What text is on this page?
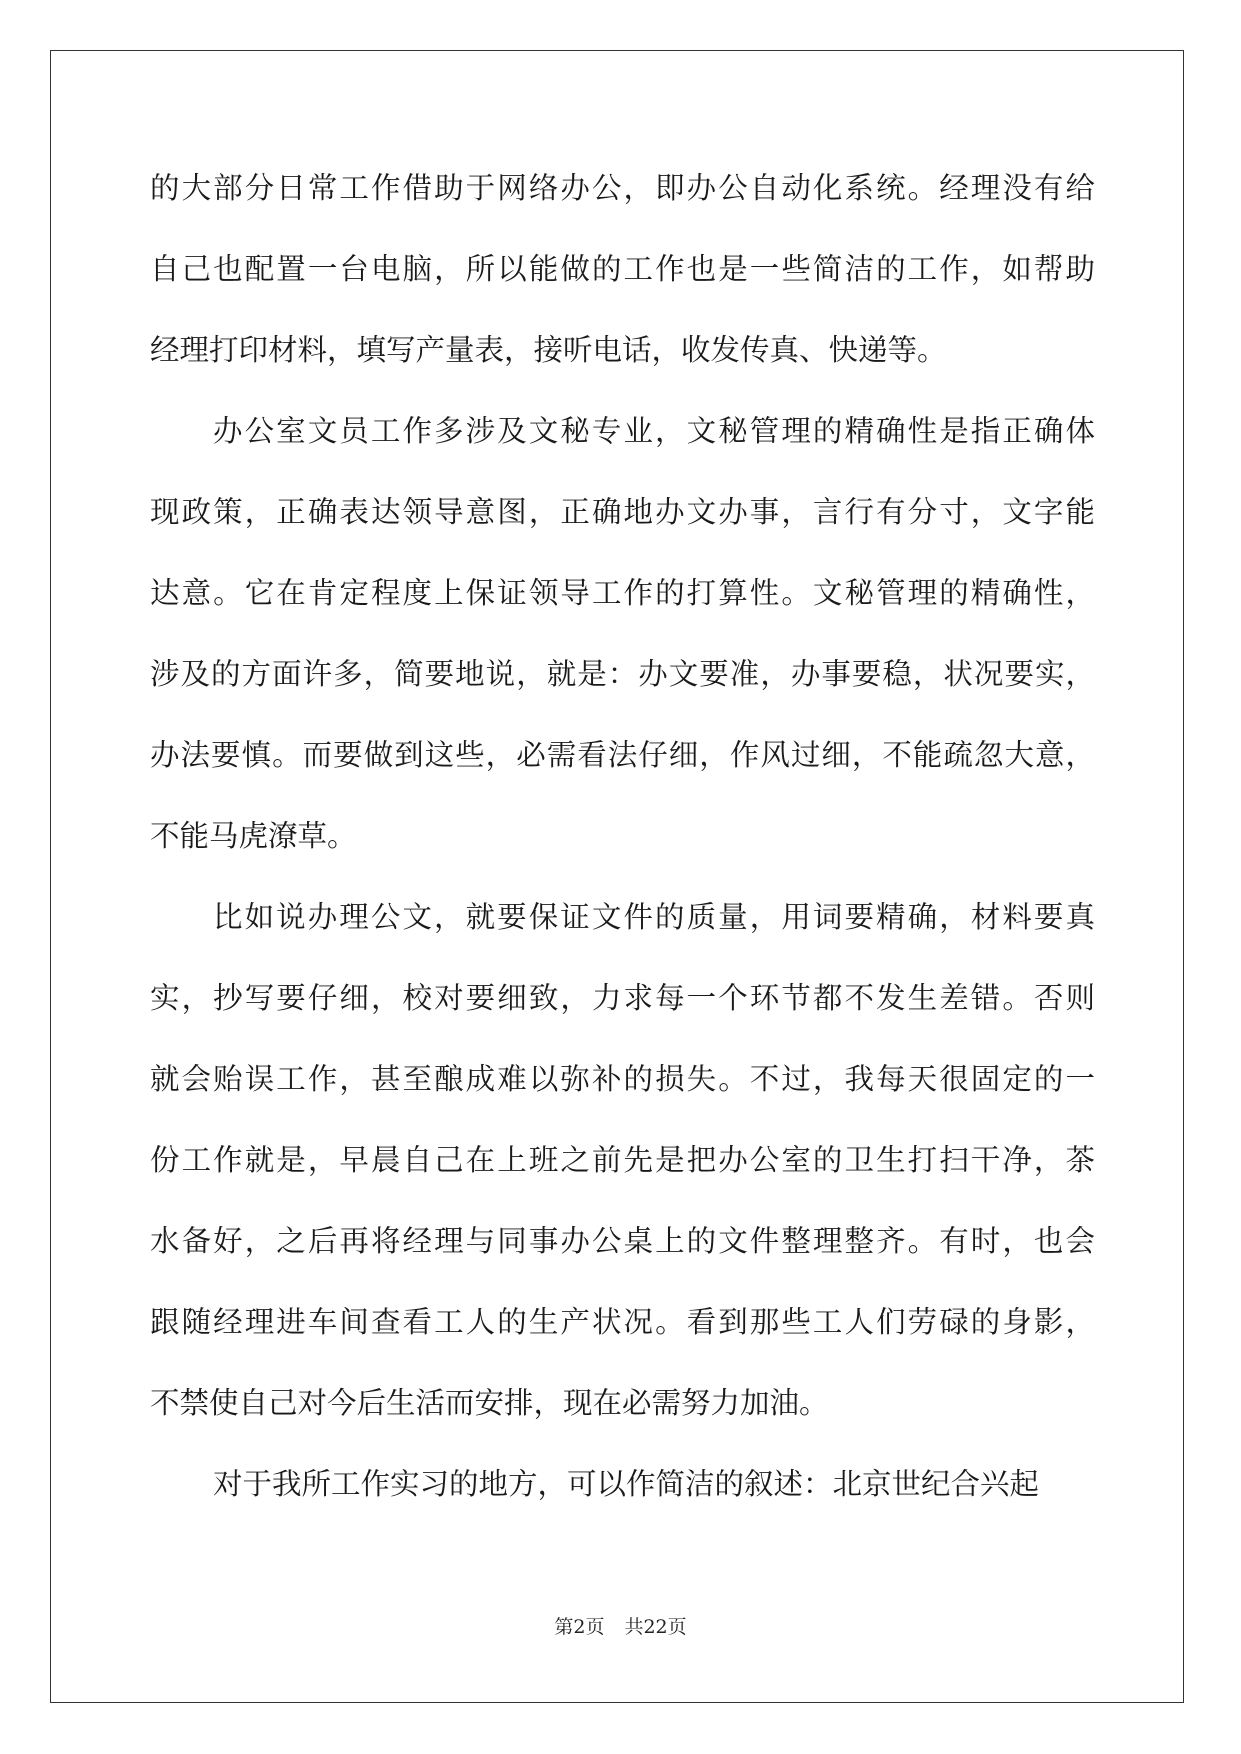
的大部分日常工作借助于网络办公，即办公自动化系统。经理没有给
自己也配置一台电脑，所以能做的工作也是一些简洁的工作，如帮助
经理打印材料，填写产量表，接听电话，收发传真、快递等。
办公室文员工作多涉及文秘专业，文秘管理的精确性是指正确体
现政策，正确表达领导意图，正确地办文办事，言行有分寸，文字能
达意。它在肯定程度上保证领导工作的打算性。文秘管理的精确性，
涉及的方面许多，简要地说，就是：办文要准，办事要稳，状况要实，
办法要慎。而要做到这些，必需看法仔细，作风过细，不能疏忽大意，
不能马虎潦草。
比如说办理公文，就要保证文件的质量，用词要精确，材料要真
实，抄写要仔细，校对要细致，力求每一个环节都不发生差错。否则
就会贻误工作，甚至酿成难以弥补的损失。不过，我每天很固定的一
份工作就是，早晨自己在上班之前先是把办公室的卫生打扫干净，茶
水备好，之后再将经理与同事办公桌上的文件整理整齐。有时，也会
跟随经理进车间查看工人的生产状况。看到那些工人们劳碌的身影，
不禁使自己对今后生活而安排，现在必需努力加油。
对于我所工作实习的地方，可以作简洁的叙述：北京世纪合兴起
第2页 共22页
